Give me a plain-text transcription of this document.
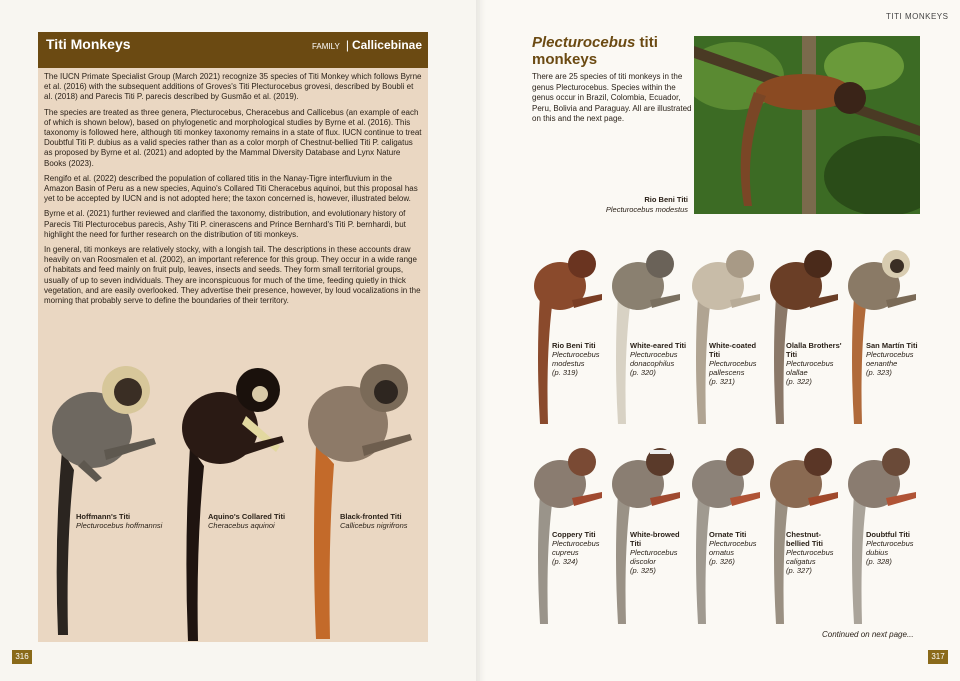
Titi Monkeys	FAMILY | Callicebinae

The IUCN Primate Specialist Group (March 2021) recognize 35 species of Titi Monkey which follows Byrne et al. (2016) with the subsequent additions of Groves's Titi Plecturocebus grovesi, described by Boubli et al. (2018) and Parecis Titi P. parecis described by Gusmão et al. (2019).

The species are treated as three genera, Plecturocebus, Cheracebus and Callicebus (an example of each of which is shown below), based on phylogenetic and morphological studies by Byrne et al. (2016). This taxonomy is followed here, although titi monkey taxonomy remains in a state of flux. IUCN continue to treat Doubtful Titi P. dubius as a valid species rather than as a color morph of Chestnut-bellied Titi P. caligatus as proposed by Byrne et al. (2021) and adopted by the Mammal Diversity Database and Lynx Nature Books (2023).

Rengifo et al. (2022) described the population of collared titis in the Nanay-Tigre interfluvium in the Amazon Basin of Peru as a new species, Aquino's Collared Titi Cheracebus aquinoi, but this proposal has yet to be accepted by IUCN and is not adopted here; the taxon concerned is, however, illustrated below.

Byrne et al. (2021) further reviewed and clarified the taxonomy, distribution, and evolutionary history of Parecis Titi Plecturocebus parecis, Ashy Titi P. cinerascens and Prince Bernhard's Titi P. bernhardi, but highlight the need for further research on the distribution of titi monkeys.

In general, titi monkeys are relatively stocky, with a longish tail. The descriptions in these accounts draw heavily on van Roosmalen et al. (2002), an important reference for this group. They occur in a wide range of habitats and feed mainly on fruit pulp, leaves, insects and seeds. They form small territorial groups, usually of up to seven individuals. They are inconspicuous for much of the time, feeding quietly in thick vegetation, and are easily overlooked. They advertise their presence, however, by loud vocalizations in the morning that probably serve to define the boundaries of their territory.

Hoffmann's Titi
Plecturocebus hoffmannsi
Aquino's Collared Titi
Cheracebus aquinoi
Black-fronted Titi
Callicebus nigrifrons
316
TITI MONKEYS
Plecturocebus titi monkeys
There are 25 species of titi monkeys in the genus Plecturocebus. Species within the genus occur in Brazil, Colombia, Ecuador, Peru, Bolivia and Paraguay. All are illustrated on this and the next page.
Rio Beni Titi
Plecturocebus modestus
Rio Beni Titi
Plecturocebus modestus
(p. 319)
White-eared Titi
Plecturocebus donacophilus
(p. 320)
White-coated Titi
Plecturocebus pallescens
(p. 321)
Olalla Brothers' Titi
Plecturocebus olallae
(p. 322)
San Martín Titi
Plecturocebus oenanthe
(p. 323)
Coppery Titi
Plecturocebus cupreus
(p. 324)
White-browed Titi
Plecturocebus discolor
(p. 325)
Ornate Titi
Plecturocebus ornatus
(p. 326)
Chestnut-bellied Titi
Plecturocebus caligatus
(p. 327)
Doubtful Titi
Plecturocebus dubius
(p. 328)
Continued on next page...
317
